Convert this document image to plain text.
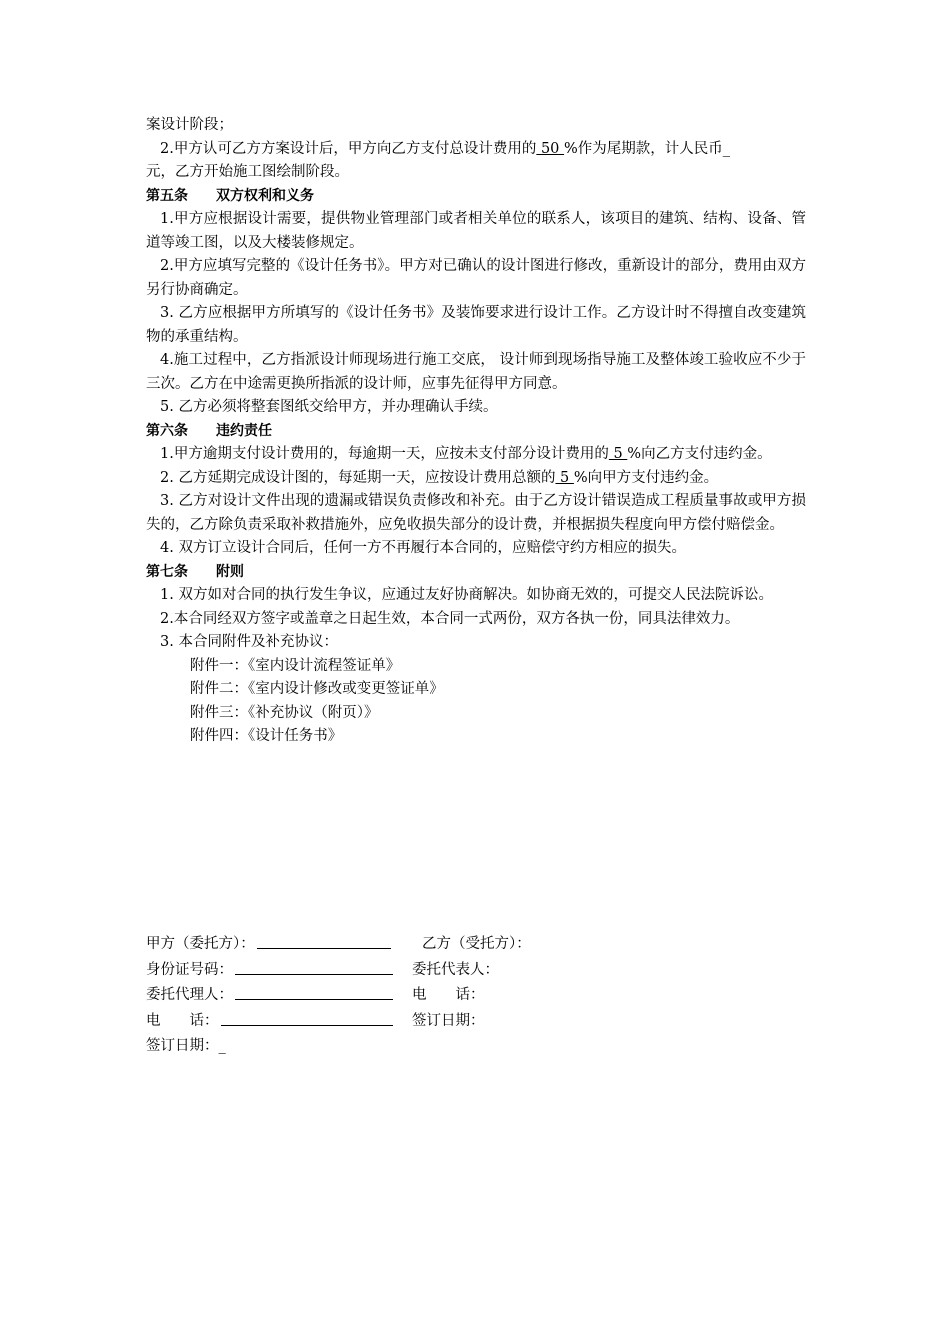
案设计阶段；
2.甲方认可乙方方案设计后，甲方向乙方支付总设计费用的 50 %作为尾期款，计人民币_
元，乙方开始施工图绘制阶段。
第五条 双方权利和义务
1.甲方应根据设计需要，提供物业管理部门或者相关单位的联系人，该项目的建筑、结构、设备、管道等竣工图，以及大楼装修规定。
2.甲方应填写完整的《设计任务书》。甲方对已确认的设计图进行修改，重新设计的部分，费用由双方另行协商确定。
3. 乙方应根据甲方所填写的《设计任务书》及装饰要求进行设计工作。乙方设计时不得擅自改变建筑物的承重结构。
4.施工过程中，乙方指派设计师现场进行施工交底， 设计师到现场指导施工及整体竣工验收应不少于三次。乙方在中途需更换所指派的设计师，应事先征得甲方同意。
5. 乙方必须将整套图纸交给甲方，并办理确认手续。
第六条 违约责任
1.甲方逾期支付设计费用的，每逾期一天，应按未支付部分设计费用的 5 %向乙方支付违约金。
2. 乙方延期完成设计图的，每延期一天，应按设计费用总额的 5 %向甲方支付违约金。
3. 乙方对设计文件出现的遗漏或错误负责修改和补充。由于乙方设计错误造成工程质量事故或甲方损失的，乙方除负责采取补救措施外，应免收损失部分的设计费，并根据损失程度向甲方偿付赔偿金。
4. 双方订立设计合同后，任何一方不再履行本合同的，应赔偿守约方相应的损失。
第七条 附则
1. 双方如对合同的执行发生争议，应通过友好协商解决。如协商无效的，可提交人民法院诉讼。
2.本合同经双方签字或盖章之日起生效，本合同一式两份，双方各执一份，同具法律效力。
3. 本合同附件及补充协议：
附件一：《室内设计流程签证单》
附件二：《室内设计修改或变更签证单》
附件三：《补充协议（附页）》
附件四：《设计任务书》
甲方（委托方）：	乙方（受托方）：
身份证号码：	委托代表人：
委托代理人：	电　　话：
电　　话：	签订日期：
签订日期：_
